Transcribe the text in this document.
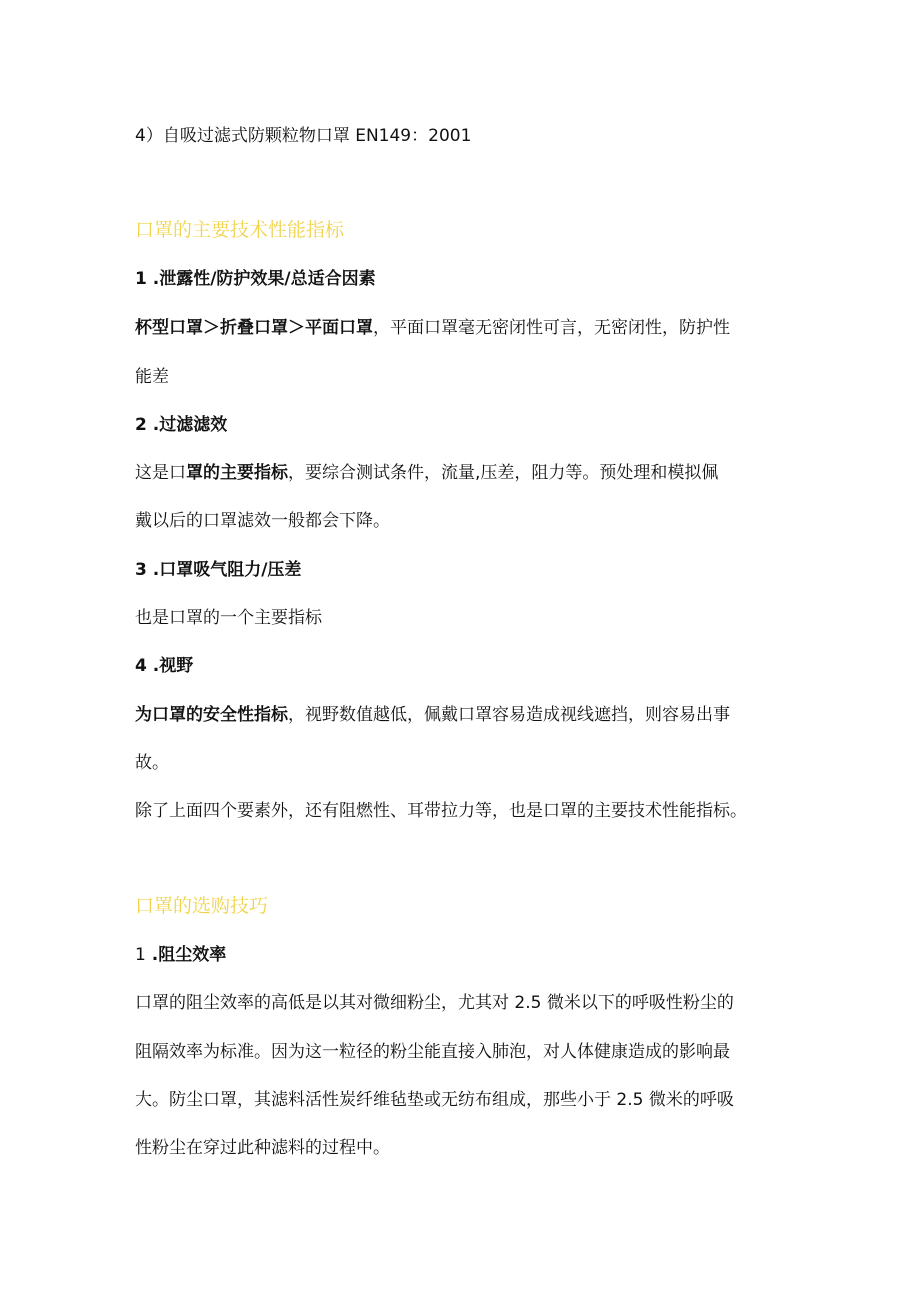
4）自吸过滤式防颗粒物口罩 EN149：2001
口罩的主要技术性能指标
1 .泄露性/防护效果/总适合因素
杯型口罩＞折叠口罩＞平面口罩，平面口罩毫无密闭性可言，无密闭性，防护性
能差
2 .过滤滤效
这是口罩的主要指标，要综合测试条件，流量,压差，阻力等。预处理和模拟佩
戴以后的口罩滤效一般都会下降。
3 .口罩吸气阻力/压差
也是口罩的一个主要指标
4 .视野
为口罩的安全性指标，视野数值越低，佩戴口罩容易造成视线遮挡，则容易出事
故。
除了上面四个要素外，还有阻燃性、耳带拉力等，也是口罩的主要技术性能指标。
口罩的选购技巧
1 .阻尘效率
口罩的阻尘效率的高低是以其对微细粉尘，尤其对 2.5 微米以下的呼吸性粉尘的
阻隔效率为标准。因为这一粒径的粉尘能直接入肺泡，对人体健康造成的影响最
大。防尘口罩，其滤料活性炭纤维毡垫或无纺布组成，那些小于 2.5 微米的呼吸
性粉尘在穿过此种滤料的过程中。
